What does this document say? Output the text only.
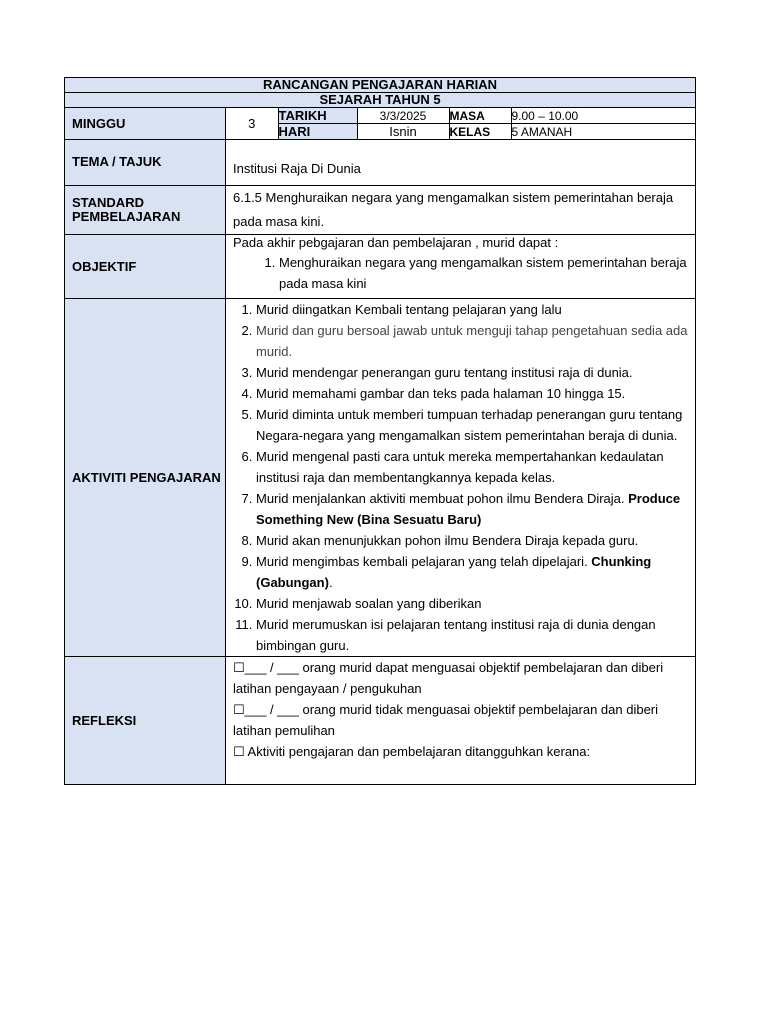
RANCANGAN PENGAJARAN HARIAN
SEJARAH TAHUN 5
MINGGU		3	TARIKH	3/3/2025	MASA	9.00 – 10.00
HARI	Isnin	KELAS	5 AMANAH

TEMA / TAJUK	Institusi Raja Di Dunia
STANDARD PEMBELAJARAN	6.1.5 Menghuraikan negara yang mengamalkan sistem pemerintahan beraja pada masa kini.
OBJEKTIF	
Pada akhir pebgajaran dan pembelajaran , murid dapat :
1. Menghuraikan negara yang mengamalkan sistem pemerintahan beraja pada masa kini

AKTIVITI PENGAJARAN	
1. Murid diingatkan Kembali tentang pelajaran yang lalu
2. Murid dan guru bersoal jawab untuk menguji tahap pengetahuan sedia ada murid.
3. Murid mendengar penerangan guru tentang institusi raja di dunia.
4. Murid memahami gambar dan teks pada halaman 10 hingga 15.
5. Murid diminta untuk memberi tumpuan terhadap penerangan guru tentang Negara-negara yang mengamalkan sistem pemerintahan beraja di dunia.
6. Murid mengenal pasti cara untuk mereka mempertahankan kedaulatan institusi raja dan membentangkannya kepada kelas.
7. Murid menjalankan aktiviti membuat pohon ilmu Bendera Diraja. Produce Something New (Bina Sesuatu Baru)
8. Murid akan menunjukkan pohon ilmu Bendera Diraja kepada guru.
9. Murid mengimbas kembali pelajaran yang telah dipelajari. Chunking (Gabungan).
10. Murid menjawab soalan yang diberikan
11. Murid merumuskan isi pelajaran tentang institusi raja di dunia dengan bimbingan guru.

REFLEKSI	
☐___ / ___ orang murid dapat menguasai objektif pembelajaran dan diberi latihan pengayaan / pengukuhan
☐___ / ___ orang murid tidak menguasai objektif pembelajaran dan diberi latihan pemulihan
☐ Aktiviti pengajaran dan pembelajaran ditangguhkan kerana:
